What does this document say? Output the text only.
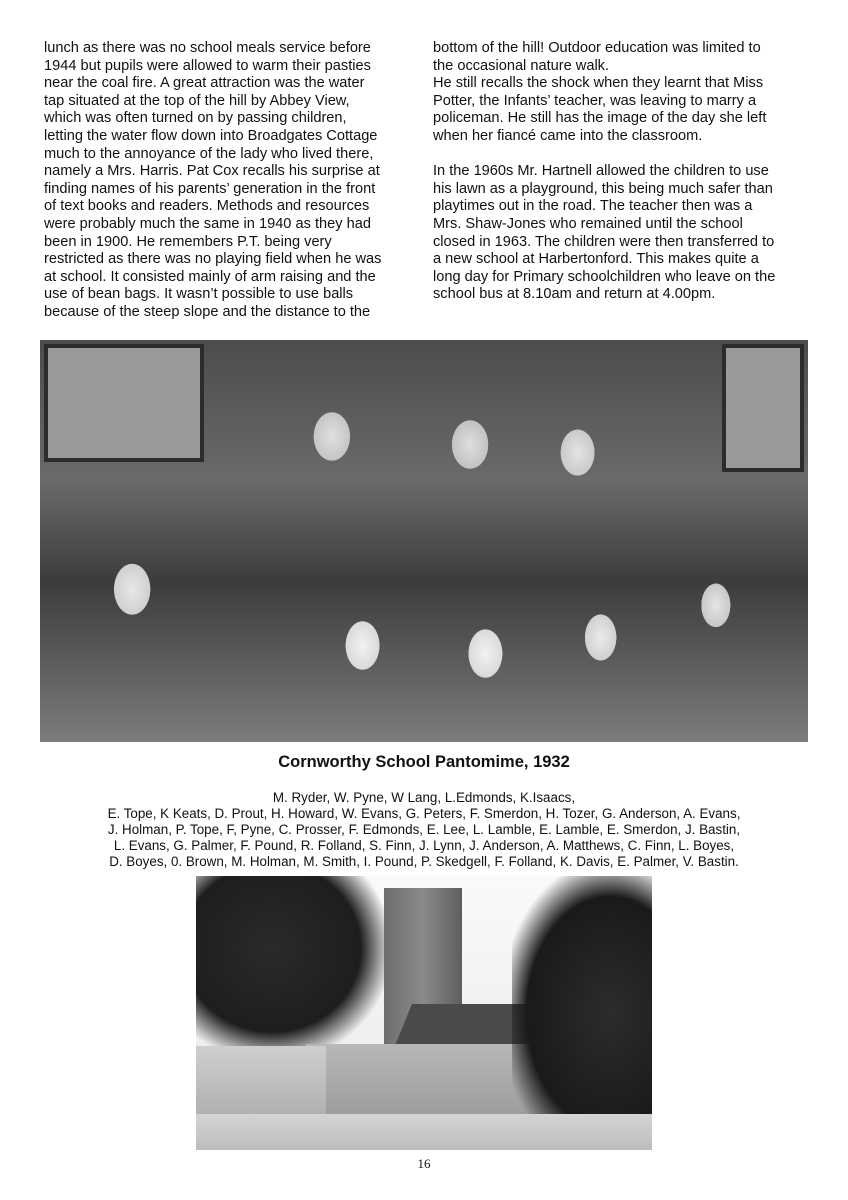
lunch as there was no school meals service before
1944 but pupils were allowed to warm their pasties
near the coal fire. A great attraction was the water
tap situated at the top of the hill by Abbey View,
which was often turned on by passing children,
letting the water flow down into Broadgates Cottage
much to the annoyance of the lady who lived there,
namely a Mrs. Harris. Pat Cox recalls his surprise at
finding names of his parents’ generation in the front
of text books and readers. Methods and resources
were probably much the same in 1940 as they had
been in 1900. He remembers P.T. being very
restricted as there was no playing field when he was
at school. It consisted mainly of arm raising and the
use of bean bags. It wasn’t possible to use balls
because of the steep slope and the distance to the

bottom of the hill! Outdoor education was limited to
the occasional nature walk.
He still recalls the shock when they learnt that Miss
Potter, the Infants’ teacher, was leaving to marry a
policeman. He still has the image of the day she left
when her fiancé came into the classroom.

In the 1960s Mr. Hartnell allowed the children to use
his lawn as a playground, this being much safer than
playtimes out in the road. The teacher then was a
Mrs. Shaw-Jones who remained until the school
closed in 1963. The children were then transferred to
a new school at Harbertonford. This makes quite a
long day for Primary schoolchildren who leave on the
school bus at 8.10am and return at 4.00pm.

Cornworthy School Pantomime, 1932
M. Ryder, W. Pyne, W Lang, L.Edmonds, K.Isaacs,
E. Tope, K Keats, D. Prout, H. Howard, W. Evans, G. Peters, F. Smerdon, H. Tozer, G. Anderson, A. Evans,
J. Holman, P. Tope, F, Pyne, C. Prosser, F. Edmonds, E. Lee, L. Lamble, E. Lamble, E. Smerdon, J. Bastin,
L. Evans, G. Palmer, F. Pound, R. Folland, S. Finn, J. Lynn, J. Anderson, A. Matthews, C. Finn, L. Boyes,
D. Boyes, 0. Brown, M. Holman, M. Smith, I. Pound, P. Skedgell, F. Folland, K. Davis, E. Palmer, V. Bastin.
16
